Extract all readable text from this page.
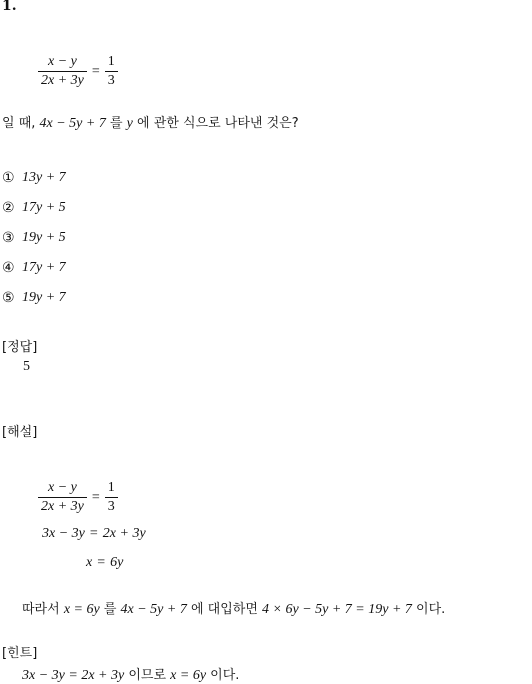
1.
$\frac{x - y}{2x + 3y} = \frac{1}{3}$
일 때, 4x − 5y + 7 를 y 에 관한 식으로 나타낸 것은?
① 13y + 7
② 17y + 5
③ 19y + 5
④ 17y + 7
⑤ 19y + 7
[정답]
5
[해설]
$\frac{x - y}{2x + 3y} = \frac{1}{3}$
3x − 3y = 2x + 3y
x = 6y
따라서 x = 6y 를 4x − 5y + 7 에 대입하면 4 × 6y − 5y + 7 = 19y + 7 이다.
[힌트]
3x − 3y = 2x + 3y 이므로 x = 6y 이다.
